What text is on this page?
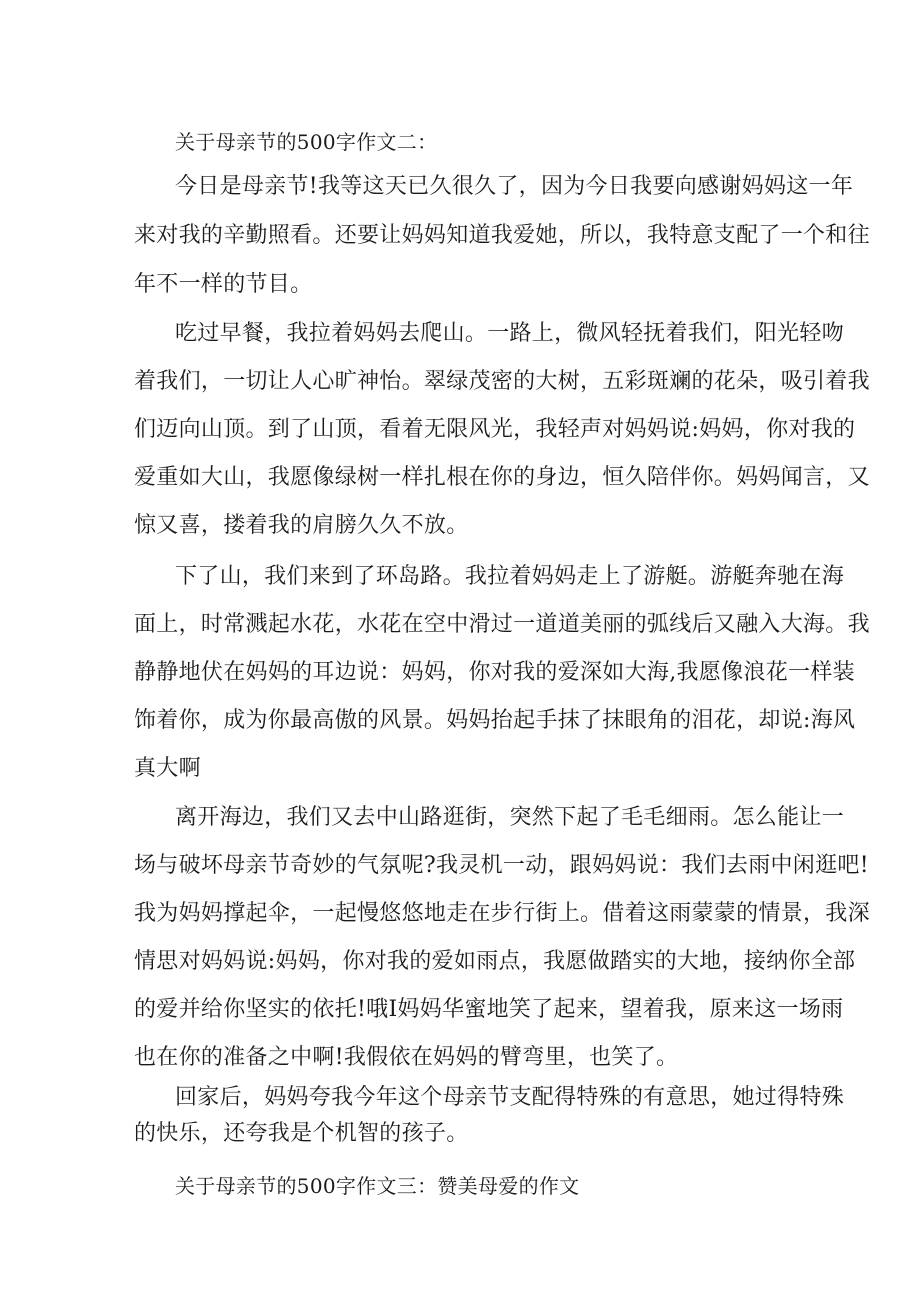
关于母亲节的500字作文二：
今日是母亲节!我等这天已久很久了，因为今日我要向感谢妈妈这一年
来对我的辛勤照看。还要让妈妈知道我爱她，所以，我特意支配了一个和往
年不一样的节目。
吃过早餐，我拉着妈妈去爬山。一路上，微风轻抚着我们，阳光轻吻
着我们，一切让人心旷神怡。翠绿茂密的大树，五彩斑斓的花朵，吸引着我
们迈向山顶。到了山顶，看着无限风光，我轻声对妈妈说:妈妈，你对我的
爱重如大山，我愿像绿树一样扎根在你的身边，恒久陪伴你。妈妈闻言，又
惊又喜，搂着我的肩膀久久不放。
下了山，我们来到了环岛路。我拉着妈妈走上了游艇。游艇奔驰在海
面上，时常溅起水花，水花在空中滑过一道道美丽的弧线后又融入大海。我
静静地伏在妈妈的耳边说：妈妈，你对我的爱深如大海,我愿像浪花一样装
饰着你，成为你最高傲的风景。妈妈抬起手抹了抹眼角的泪花，却说:海风
真大啊
离开海边，我们又去中山路逛街，突然下起了毛毛细雨。怎么能让一
场与破坏母亲节奇妙的气氛呢?我灵机一动，跟妈妈说：我们去雨中闲逛吧!
我为妈妈撑起伞，一起慢悠悠地走在步行街上。借着这雨蒙蒙的情景，我深
情思对妈妈说:妈妈，你对我的爱如雨点，我愿做踏实的大地，接纳你全部
的爱并给你坚实的依托!哦I妈妈华蜜地笑了起来，望着我，原来这一场雨
也在你的准备之中啊!我假依在妈妈的臂弯里，也笑了。
回家后，妈妈夸我今年这个母亲节支配得特殊的有意思，她过得特殊
的快乐，还夸我是个机智的孩子。
关于母亲节的500字作文三：赞美母爱的作文
